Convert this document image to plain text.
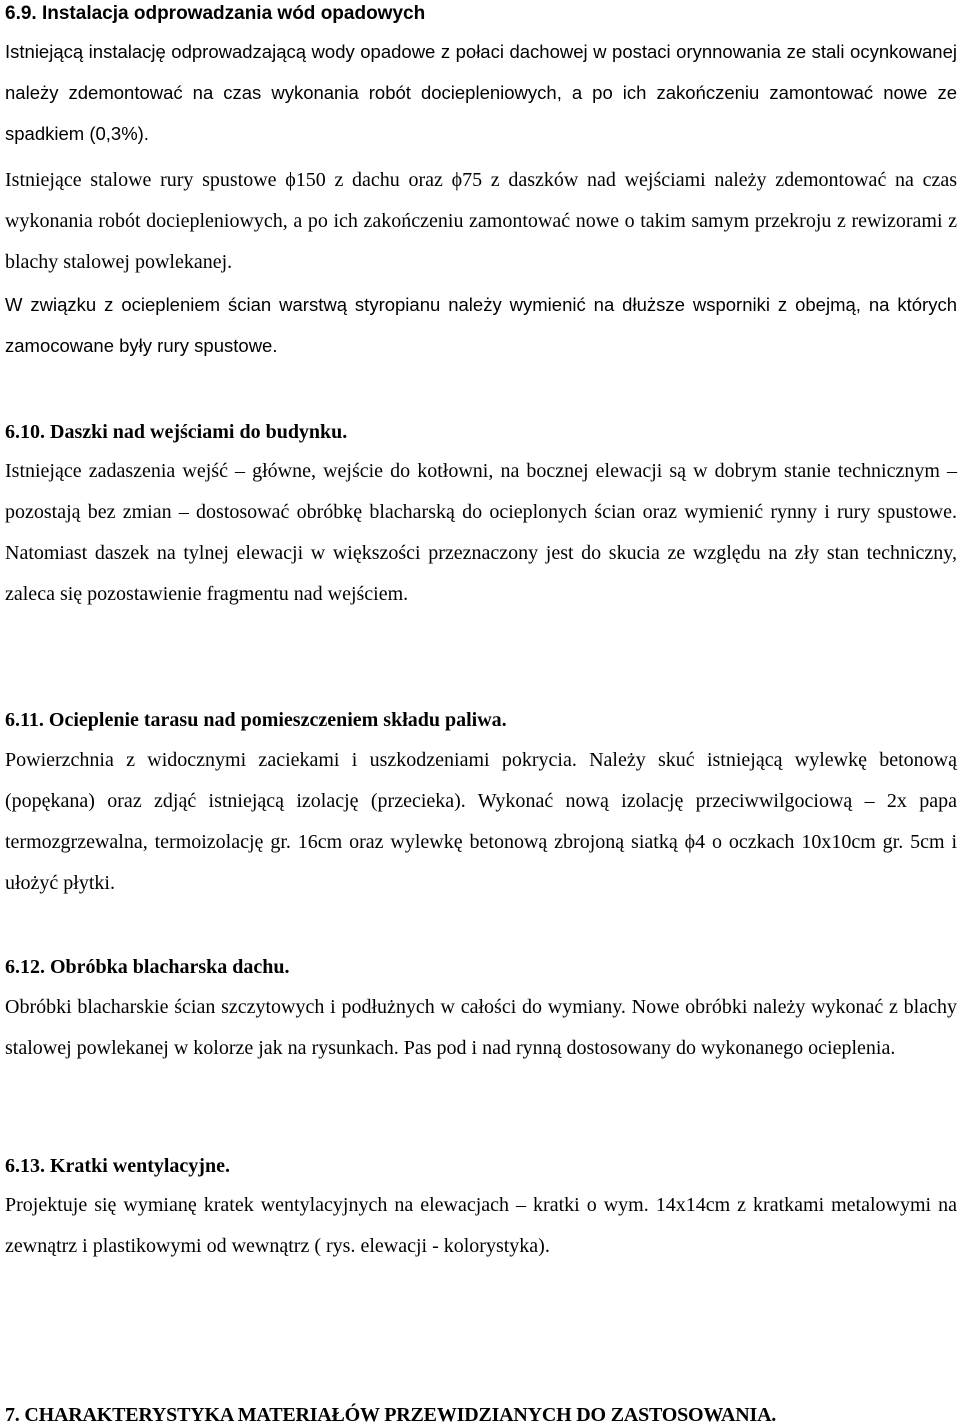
6.9. Instalacja odprowadzania wód opadowych

Istniejącą instalację odprowadzającą wody opadowe z połaci dachowej w postaci orynnowania ze stali ocynkowanej należy zdemontować na czas wykonania robót dociepleniowych, a po ich zakończeniu zamontować nowe ze spadkiem (0,3%).

Istniejące stalowe rury spustowe ϕ150 z dachu oraz ϕ75 z daszków nad wejściami należy zdemontować na czas wykonania robót dociepleniowych, a po ich zakończeniu zamontować nowe o takim samym przekroju z rewizorami z blachy stalowej powlekanej.

W związku z ociepleniem ścian warstwą styropianu należy wymienić na dłuższe wsporniki z obejmą, na których zamocowane były rury spustowe.

6.10. Daszki nad wejściami do budynku.

Istniejące zadaszenia wejść – główne, wejście do kotłowni, na bocznej elewacji są w dobrym stanie technicznym – pozostają bez zmian – dostosować obróbkę blacharską do ocieplonych ścian oraz wymienić rynny i rury spustowe. Natomiast daszek na tylnej elewacji w większości przeznaczony jest do skucia ze względu na zły stan techniczny, zaleca się pozostawienie fragmentu nad wejściem.

6.11. Ocieplenie tarasu nad pomieszczeniem składu paliwa.

Powierzchnia z widocznymi zaciekami i uszkodzeniami pokrycia. Należy skuć istniejącą wylewkę betonową (popękana) oraz zdjąć istniejącą izolację (przecieka). Wykonać nową izolację przeciwwilgociową – 2x papa termozgrzewalna, termoizolację gr. 16cm oraz wylewkę betonową zbrojoną siatką ϕ4 o oczkach 10x10cm gr. 5cm i ułożyć płytki.

6.12. Obróbka blacharska dachu.

Obróbki blacharskie ścian szczytowych i podłużnych w całości do wymiany. Nowe obróbki należy wykonać z blachy stalowej powlekanej w kolorze jak na rysunkach. Pas pod i nad rynną dostosowany do wykonanego ocieplenia.

6.13. Kratki wentylacyjne.

Projektuje się wymianę kratek wentylacyjnych na elewacjach – kratki o wym. 14x14cm z kratkami metalowymi na zewnątrz i plastikowymi od wewnątrz ( rys. elewacji - kolorystyka).

7. CHARAKTERYSTYKA MATERIAŁÓW PRZEWIDZIANYCH DO ZASTOSOWANIA.
